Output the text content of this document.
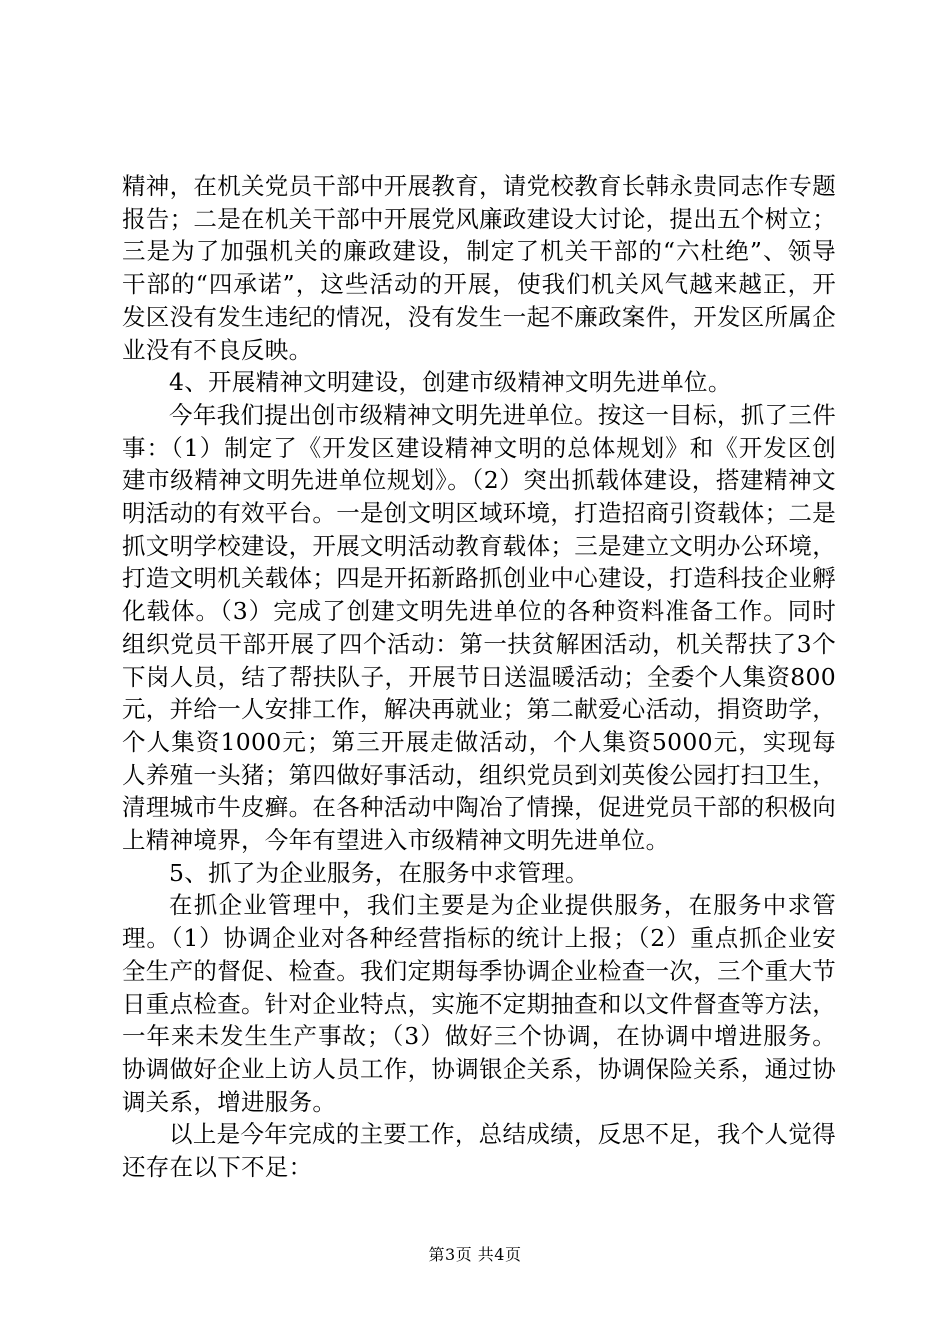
精神，在机关党员干部中开展教育，请党校教育长韩永贵同志作专题报告；二是在机关干部中开展党风廉政建设大讨论，提出五个树立；三是为了加强机关的廉政建设，制定了机关干部的“六杜绝”、领导干部的“四承诺”，这些活动的开展，使我们机关风气越来越正，开发区没有发生违纪的情况，没有发生一起不廉政案件，开发区所属企业没有不良反映。

4、开展精神文明建设，创建市级精神文明先进单位。

今年我们提出创市级精神文明先进单位。按这一目标，抓了三件事：（1）制定了《开发区建设精神文明的总体规划》和《开发区创建市级精神文明先进单位规划》。（2）突出抓载体建设，搭建精神文明活动的有效平台。一是创文明区域环境，打造招商引资载体；二是抓文明学校建设，开展文明活动教育载体；三是建立文明办公环境，打造文明机关载体；四是开拓新路抓创业中心建设，打造科技企业孵化载体。（3）完成了创建文明先进单位的各种资料准备工作。同时组织党员干部开展了四个活动：第一扶贫解困活动，机关帮扶了3个下岗人员，结了帮扶队子，开展节日送温暖活动；全委个人集资800元，并给一人安排工作，解决再就业；第二献爱心活动，捐资助学，个人集资1000元；第三开展走做活动，个人集资5000元，实现每人养殖一头猪；第四做好事活动，组织党员到刘英俊公园打扫卫生，清理城市牛皮癣。在各种活动中陶冶了情操，促进党员干部的积极向上精神境界，今年有望进入市级精神文明先进单位。

5、抓了为企业服务，在服务中求管理。

在抓企业管理中，我们主要是为企业提供服务，在服务中求管理。（1）协调企业对各种经营指标的统计上报；（2）重点抓企业安全生产的督促、检查。我们定期每季协调企业检查一次，三个重大节日重点检查。针对企业特点，实施不定期抽查和以文件督查等方法，一年来未发生生产事故；（3）做好三个协调，在协调中增进服务。协调做好企业上访人员工作，协调银企关系，协调保险关系，通过协调关系，增进服务。

以上是今年完成的主要工作，总结成绩，反思不足，我个人觉得还存在以下不足：

第3页 共4页
